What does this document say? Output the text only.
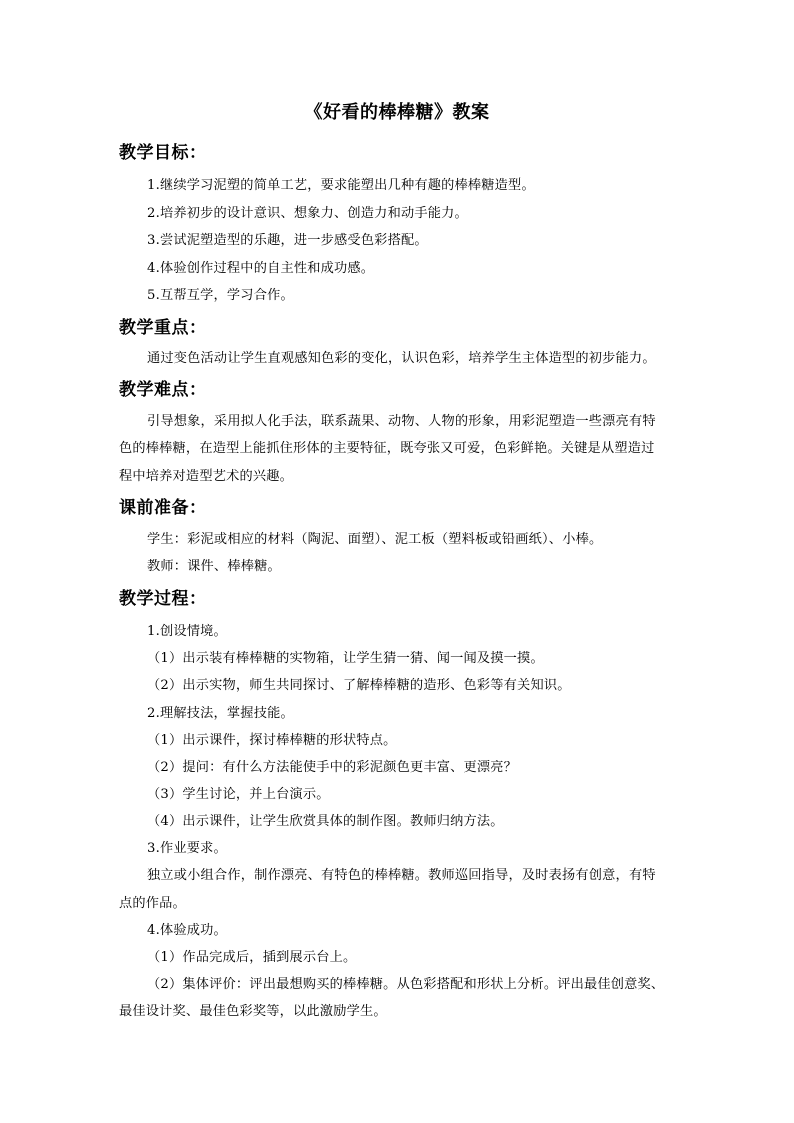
《好看的棒棒糖》教案
教学目标：
1.继续学习泥塑的简单工艺，要求能塑出几种有趣的棒棒糖造型。
2.培养初步的设计意识、想象力、创造力和动手能力。
3.尝试泥塑造型的乐趣，进一步感受色彩搭配。
4.体验创作过程中的自主性和成功感。
5.互帮互学，学习合作。
教学重点：
通过变色活动让学生直观感知色彩的变化，认识色彩，培养学生主体造型的初步能力。
教学难点：
引导想象，采用拟人化手法，联系蔬果、动物、人物的形象，用彩泥塑造一些漂亮有特
色的棒棒糖，在造型上能抓住形体的主要特征，既夸张又可爱，色彩鲜艳。关键是从塑造过
程中培养对造型艺术的兴趣。
课前准备：
学生：彩泥或相应的材料（陶泥、面塑）、泥工板（塑料板或铅画纸）、小棒。
教师：课件、棒棒糖。
教学过程：
1.创设情境。
（1）出示装有棒棒糖的实物箱，让学生猜一猜、闻一闻及摸一摸。
（2）出示实物，师生共同探讨、了解棒棒糖的造形、色彩等有关知识。
2.理解技法，掌握技能。
（1）出示课件，探讨棒棒糖的形状特点。
（2）提问：有什么方法能使手中的彩泥颜色更丰富、更漂亮？
（3）学生讨论，并上台演示。
（4）出示课件，让学生欣赏具体的制作图。教师归纳方法。
3.作业要求。
独立或小组合作，制作漂亮、有特色的棒棒糖。教师巡回指导，及时表扬有创意，有特
点的作品。
4.体验成功。
（1）作品完成后，插到展示台上。
（2）集体评价：评出最想购买的棒棒糖。从色彩搭配和形状上分析。评出最佳创意奖、
最佳设计奖、最佳色彩奖等，以此激励学生。
